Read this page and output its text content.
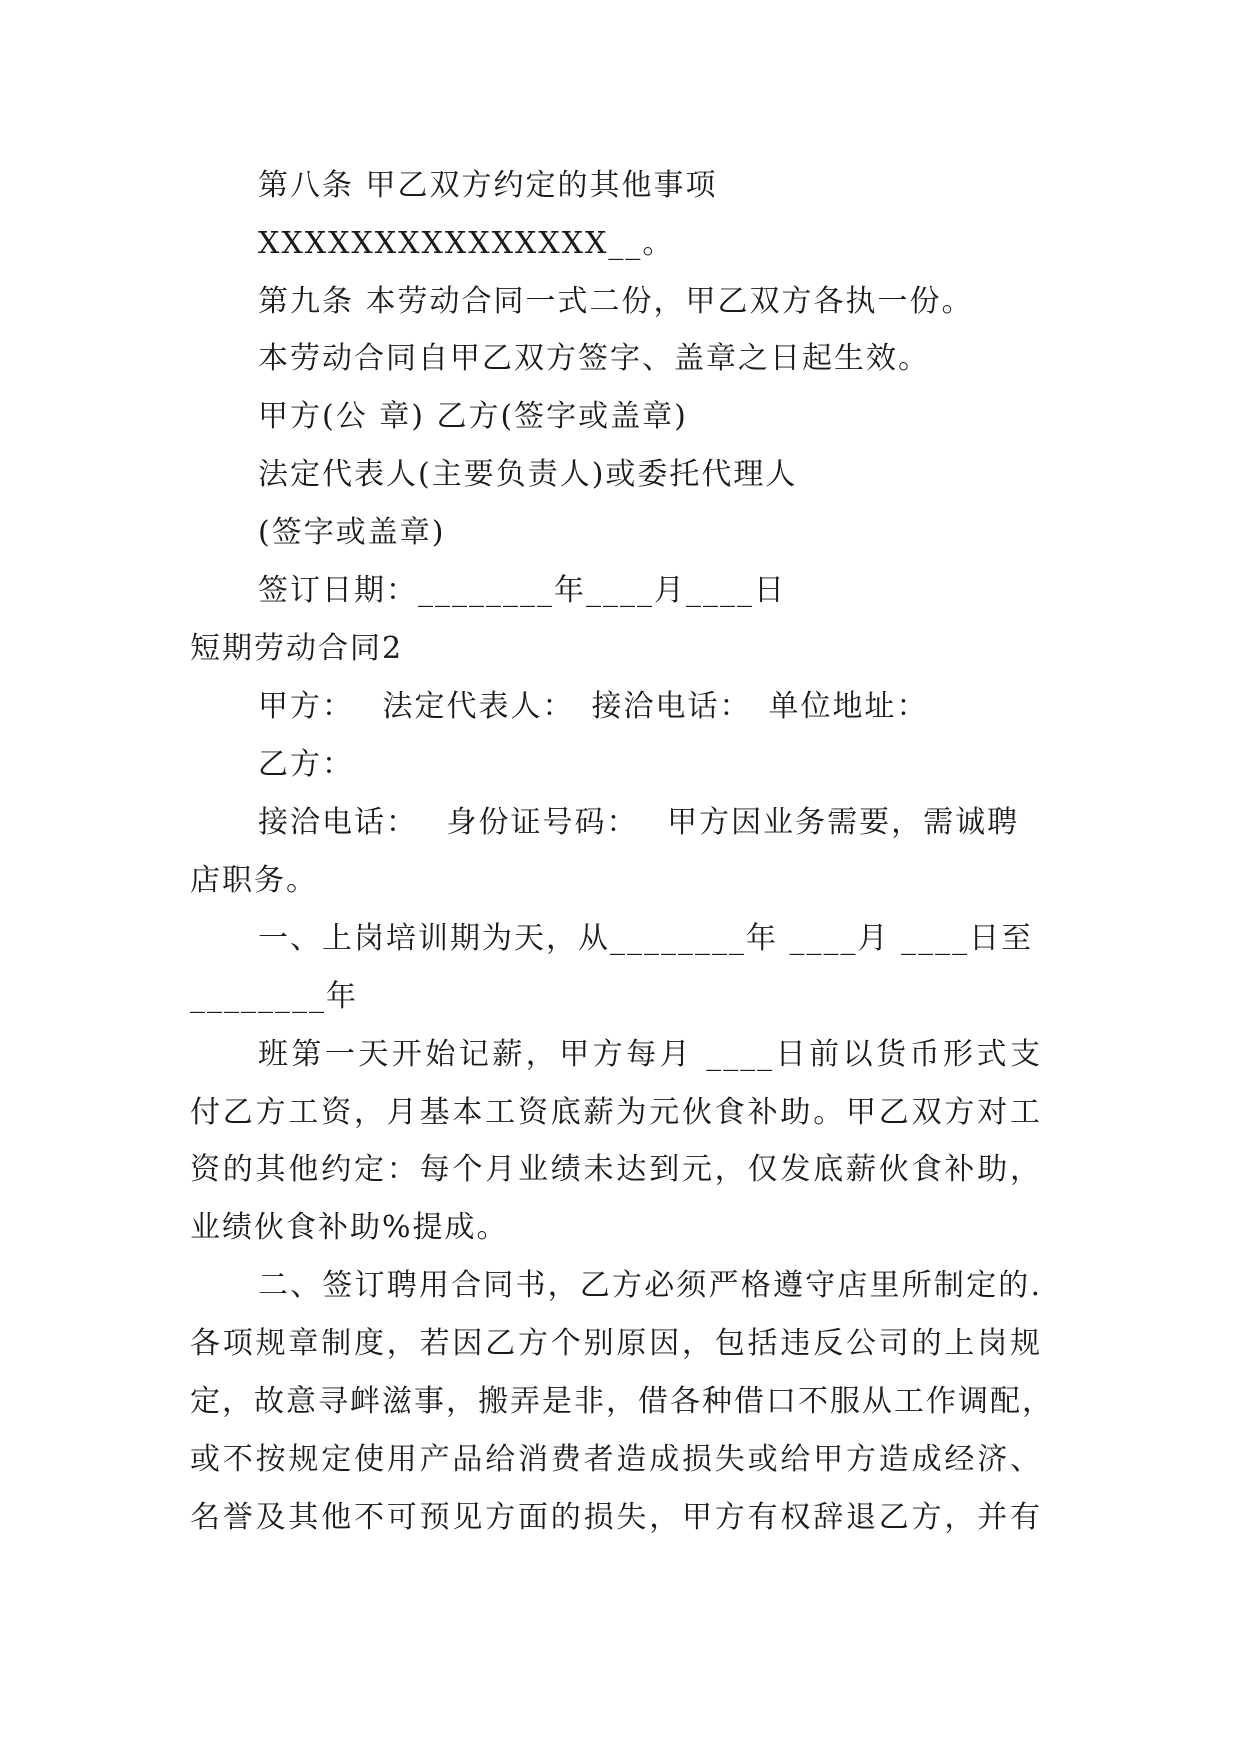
第八条 甲乙双方约定的其他事项
XXXXXXXXXXXXXXX__。
第九条 本劳动合同一式二份，甲乙双方各执一份。
本劳动合同自甲乙双方签字、盖章之日起生效。
甲方(公 章) 乙方(签字或盖章)
法定代表人(主要负责人)或委托代理人
(签字或盖章)
签订日期：________年____月____日
短期劳动合同2
甲方：　 法定代表人：　接洽电话：　单位地址：
乙方：
接洽电话：　 身份证号码：　 甲方因业务需要，需诚聘
店职务。
一、上岗培训期为天，从________年 ____月 ____日至
________年
班第一天开始记薪，甲方每月 ____日前以货币形式支
付乙方工资，月基本工资底薪为元伙食补助。甲乙双方对工
资的其他约定：每个月业绩未达到元，仅发底薪伙食补助，
业绩伙食补助%提成。
二、签订聘用合同书，乙方必须严格遵守店里所制定的.
各项规章制度，若因乙方个别原因，包括违反公司的上岗规
定，故意寻衅滋事，搬弄是非，借各种借口不服从工作调配，
或不按规定使用产品给消费者造成损失或给甲方造成经济、
名誉及其他不可预见方面的损失，甲方有权辞退乙方，并有
